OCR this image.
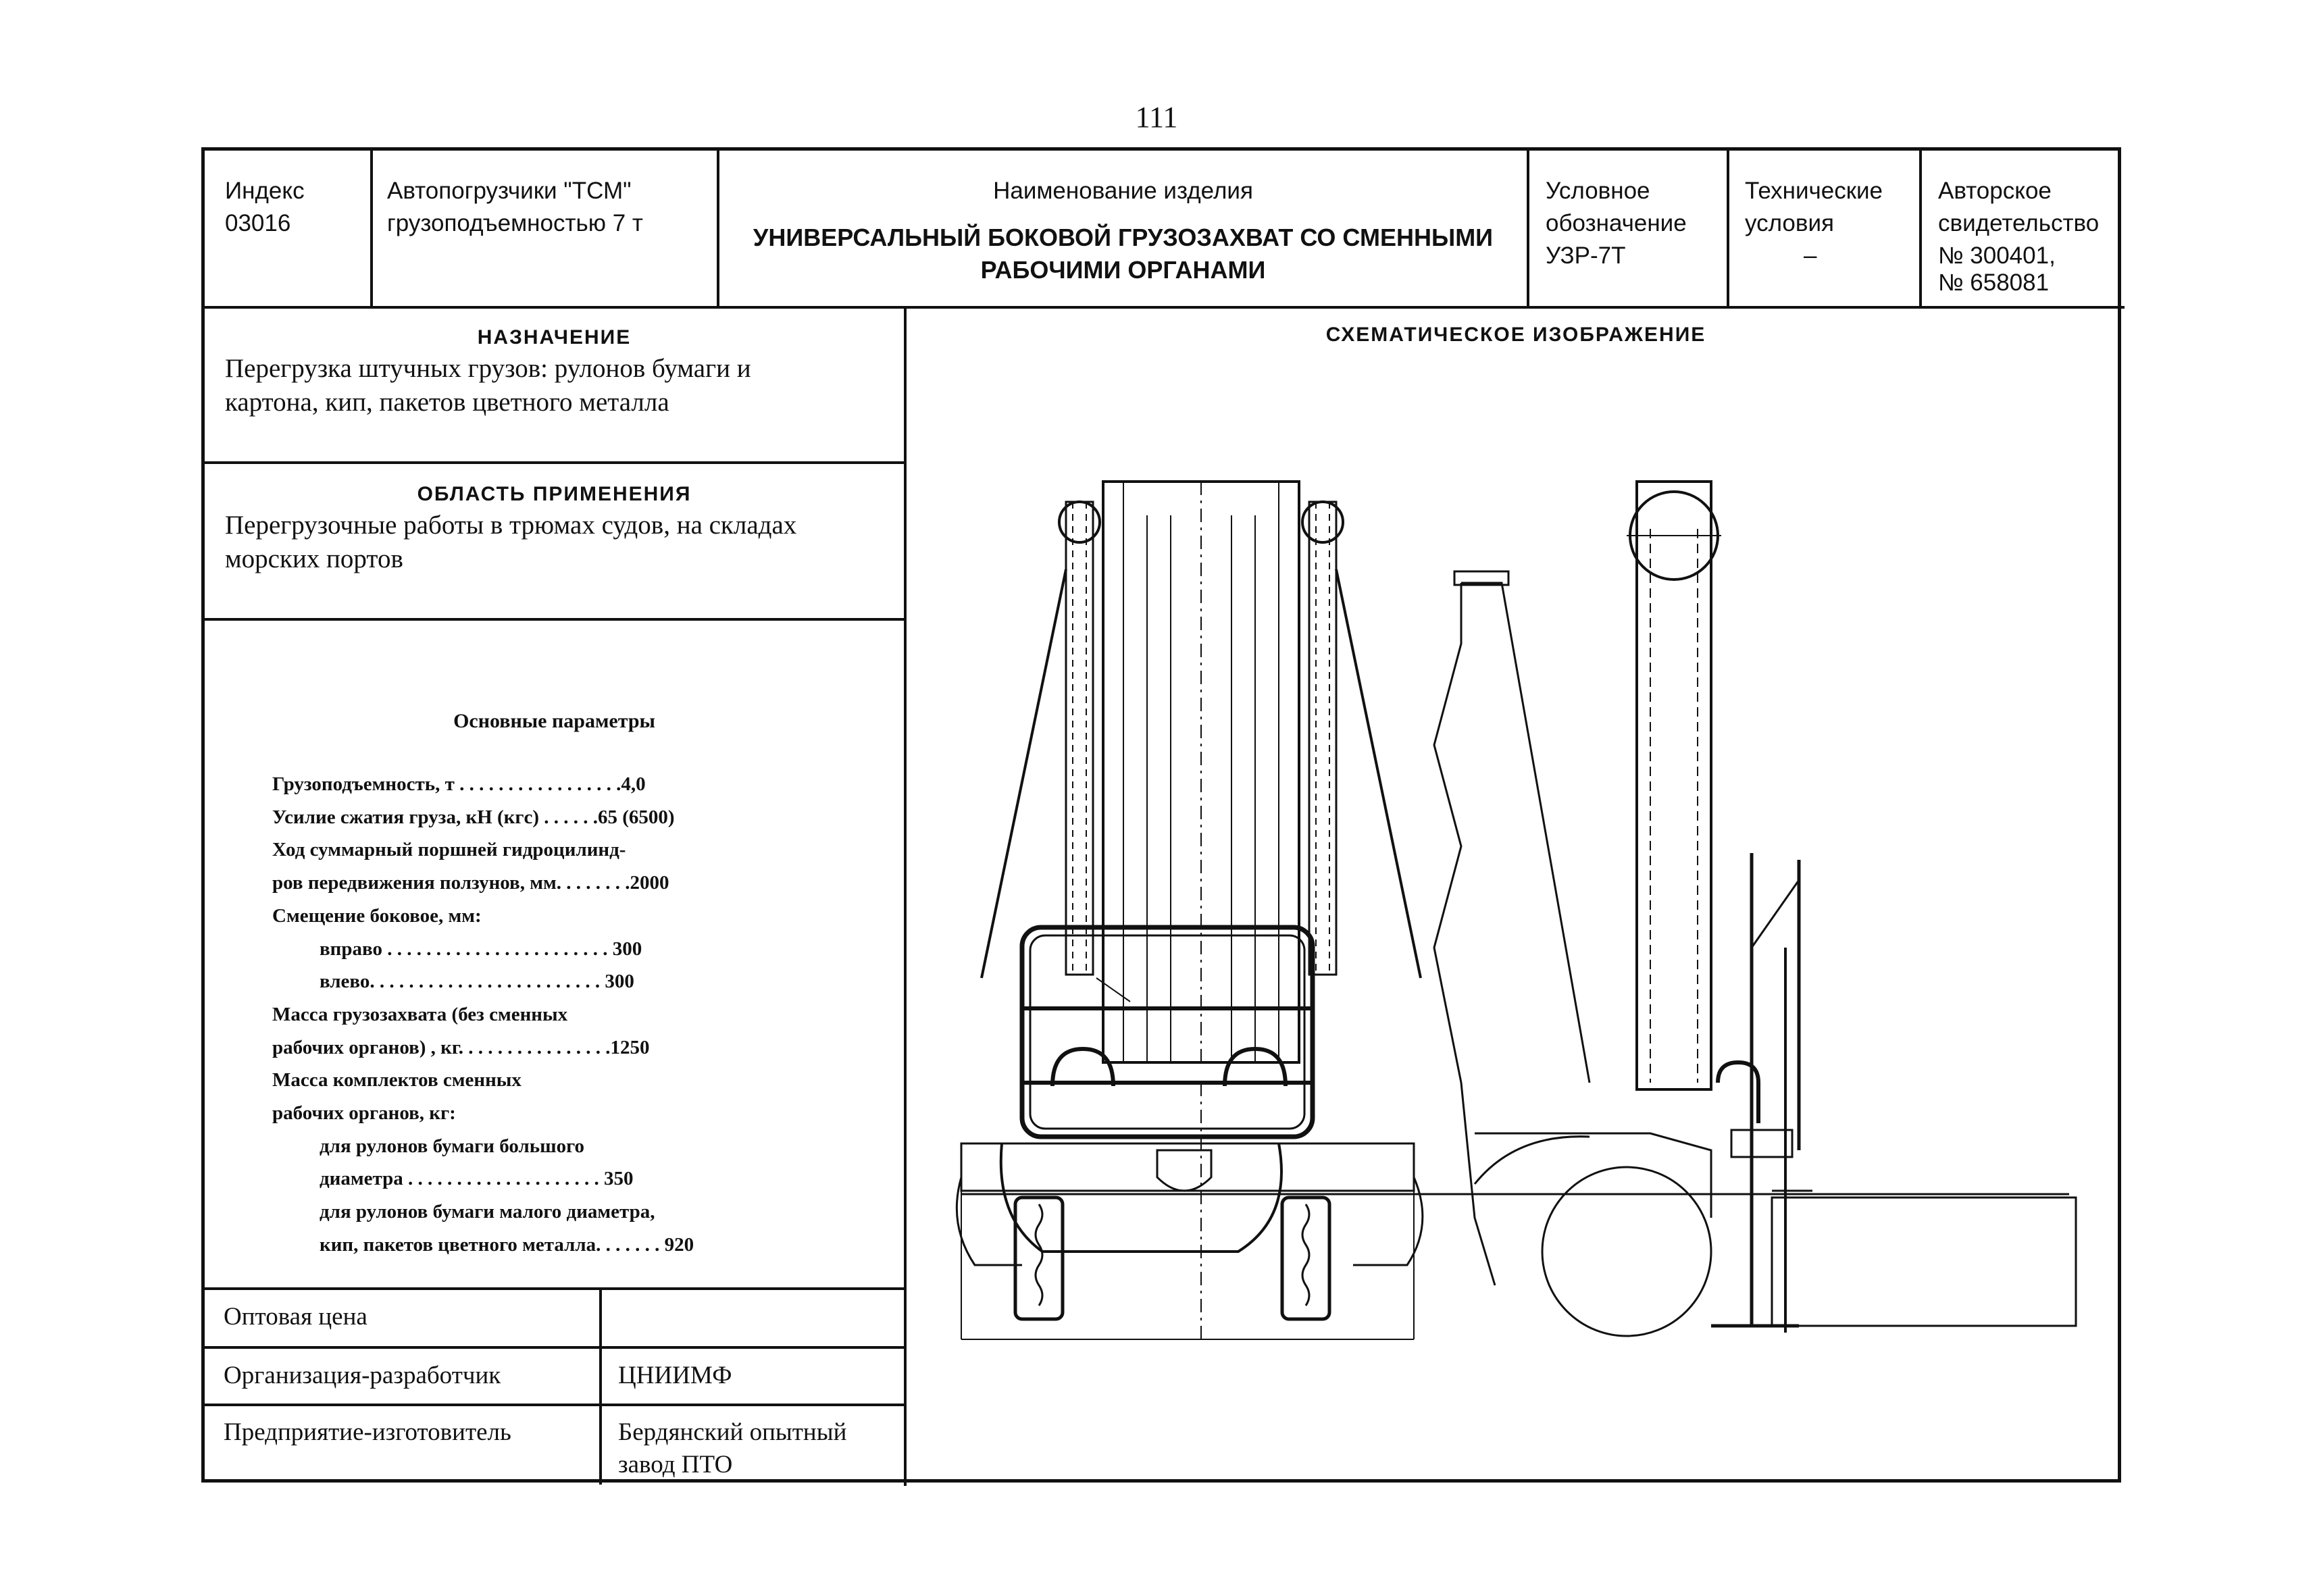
111
Индекс
03016
Автопогрузчики "ТСМ"
грузоподъемностью 7 т
Наименование изделия
УНИВЕРСАЛЬНЫЙ БОКОВОЙ ГРУЗОЗАХВАТ СО СМЕННЫМИ
РАБОЧИМИ ОРГАНАМИ
Условное
обозначение
УЗР-7Т
Технические
условия
–
Авторское
свидетельство
№ 300401,
№ 658081
НАЗНАЧЕНИЕ
Перегрузка штучных грузов: рулонов бумаги и
картона, кип, пакетов цветного металла
ОБЛАСТЬ ПРИМЕНЕНИЯ
Перегрузочные работы в трюмах судов, на складах
морских портов
Основные параметры
Грузоподъемность, т . . . . . . . . . . . . . . . . .4,0
Усилие сжатия груза, кН (кгс) . . . . . .65 (6500)
Ход суммарный поршней гидроцилинд-
ров передвижения ползунов, мм. . . . . . . .2000
Смещение боковое, мм:
вправо . . . . . . . . . . . . . . . . . . . . . . . 300
влево. . . . . . . . . . . . . . . . . . . . . . . . 300
Масса грузозахвата (без сменных
рабочих органов) , кг. . . . . . . . . . . . . . . .1250
Масса комплектов сменных
рабочих органов, кг:
для рулонов бумаги большого
диаметра . . . . . . . . . . . . . . . . . . . . 350
для рулонов бумаги малого диаметра,
кип, пакетов цветного металла. . . . . . . 920
СХЕМАТИЧЕСКОЕ ИЗОБРАЖЕНИЕ
Оптовая цена
Организация-разработчик	ЦНИИМФ
Предприятие-изготовитель	Бердянский опытный
завод ПТО
